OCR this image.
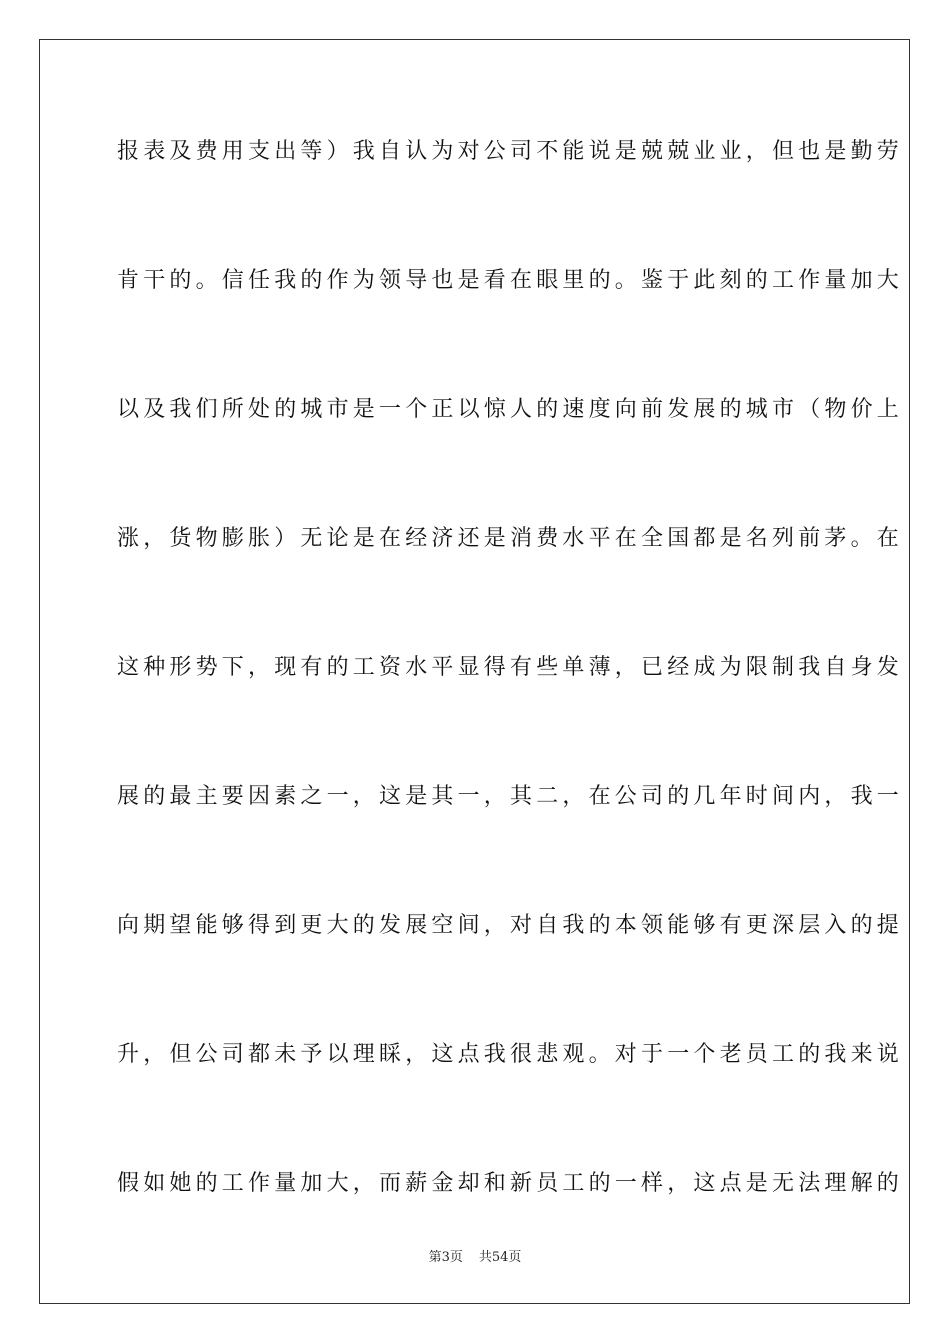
报表及费用支出等）我自认为对公司不能说是兢兢业业，但也是勤劳
肯干的。信任我的作为领导也是看在眼里的。鉴于此刻的工作量加大
以及我们所处的城市是一个正以惊人的速度向前发展的城市（物价上
涨，货物膨胀）无论是在经济还是消费水平在全国都是名列前茅。在
这种形势下，现有的工资水平显得有些单薄，已经成为限制我自身发
展的最主要因素之一，这是其一，其二，在公司的几年时间内，我一
向期望能够得到更大的发展空间，对自我的本领能够有更深层入的提
升，但公司都未予以理睬，这点我很悲观。对于一个老员工的我来说
假如她的工作量加大，而薪金却和新员工的一样，这点是无法理解的
第3页 共54页
